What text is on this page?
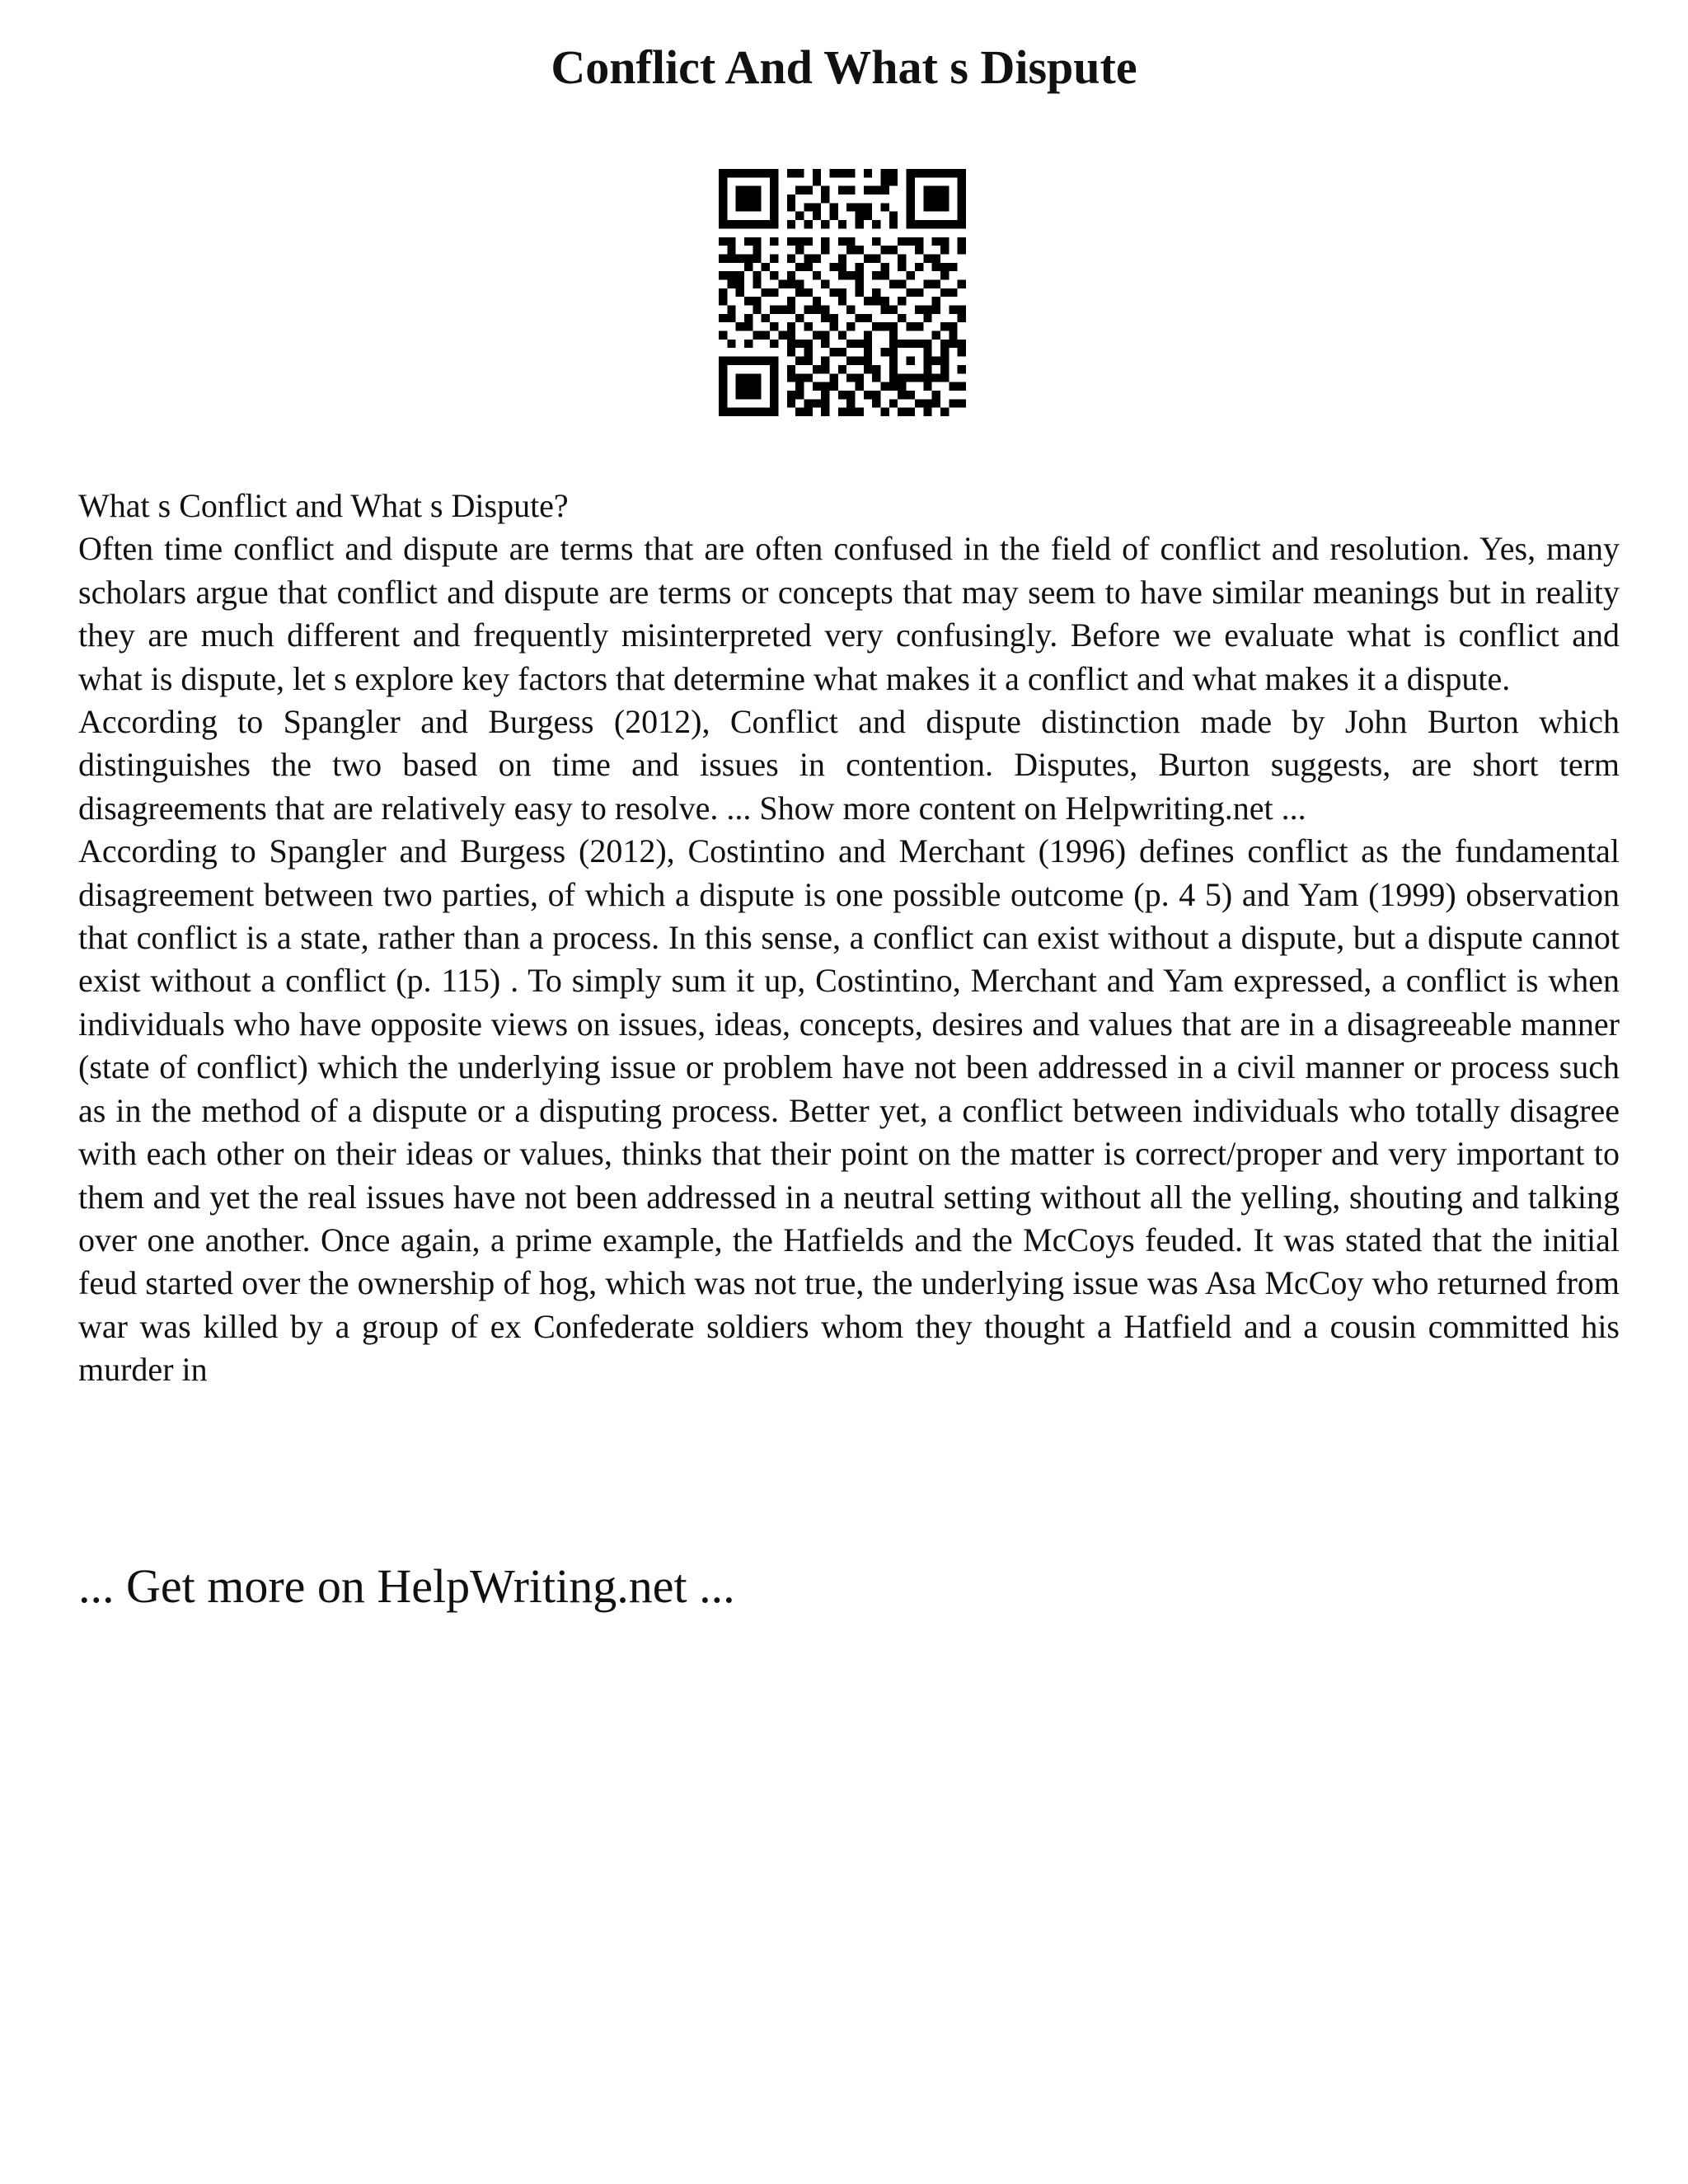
Conflict And What s Dispute

What s Conflict and What s Dispute?

Often time conflict and dispute are terms that are often confused in the field of conflict and resolution. Yes, many scholars argue that conflict and dispute are terms or concepts that may seem to have similar meanings but in reality they are much different and frequently misinterpreted very confusingly. Before we evaluate what is conflict and what is dispute, let s explore key factors that determine what makes it a conflict and what makes it a dispute.

According to Spangler and Burgess (2012), Conflict and dispute distinction made by John Burton which distinguishes the two based on time and issues in contention. Disputes, Burton suggests, are short term disagreements that are relatively easy to resolve. ... Show more content on Helpwriting.net ...

According to Spangler and Burgess (2012), Costintino and Merchant (1996) defines conflict as the fundamental disagreement between two parties, of which a dispute is one possible outcome (p. 4 5) and Yam (1999) observation that conflict is a state, rather than a process. In this sense, a conflict can exist without a dispute, but a dispute cannot exist without a conflict (p. 115) . To simply sum it up, Costintino, Merchant and Yam expressed, a conflict is when individuals who have opposite views on issues, ideas, concepts, desires and values that are in a disagreeable manner (state of conflict) which the underlying issue or problem have not been addressed in a civil manner or process such as in the method of a dispute or a disputing process. Better yet, a conflict between individuals who totally disagree with each other on their ideas or values, thinks that their point on the matter is correct/proper and very important to them and yet the real issues have not been addressed in a neutral setting without all the yelling, shouting and talking over one another. Once again, a prime example, the Hatfields and the McCoys feuded. It was stated that the initial feud started over the ownership of hog, which was not true, the underlying issue was Asa McCoy who returned from war was killed by a group of ex Confederate soldiers whom they thought a Hatfield and a cousin committed his murder in

... Get more on HelpWriting.net ...
